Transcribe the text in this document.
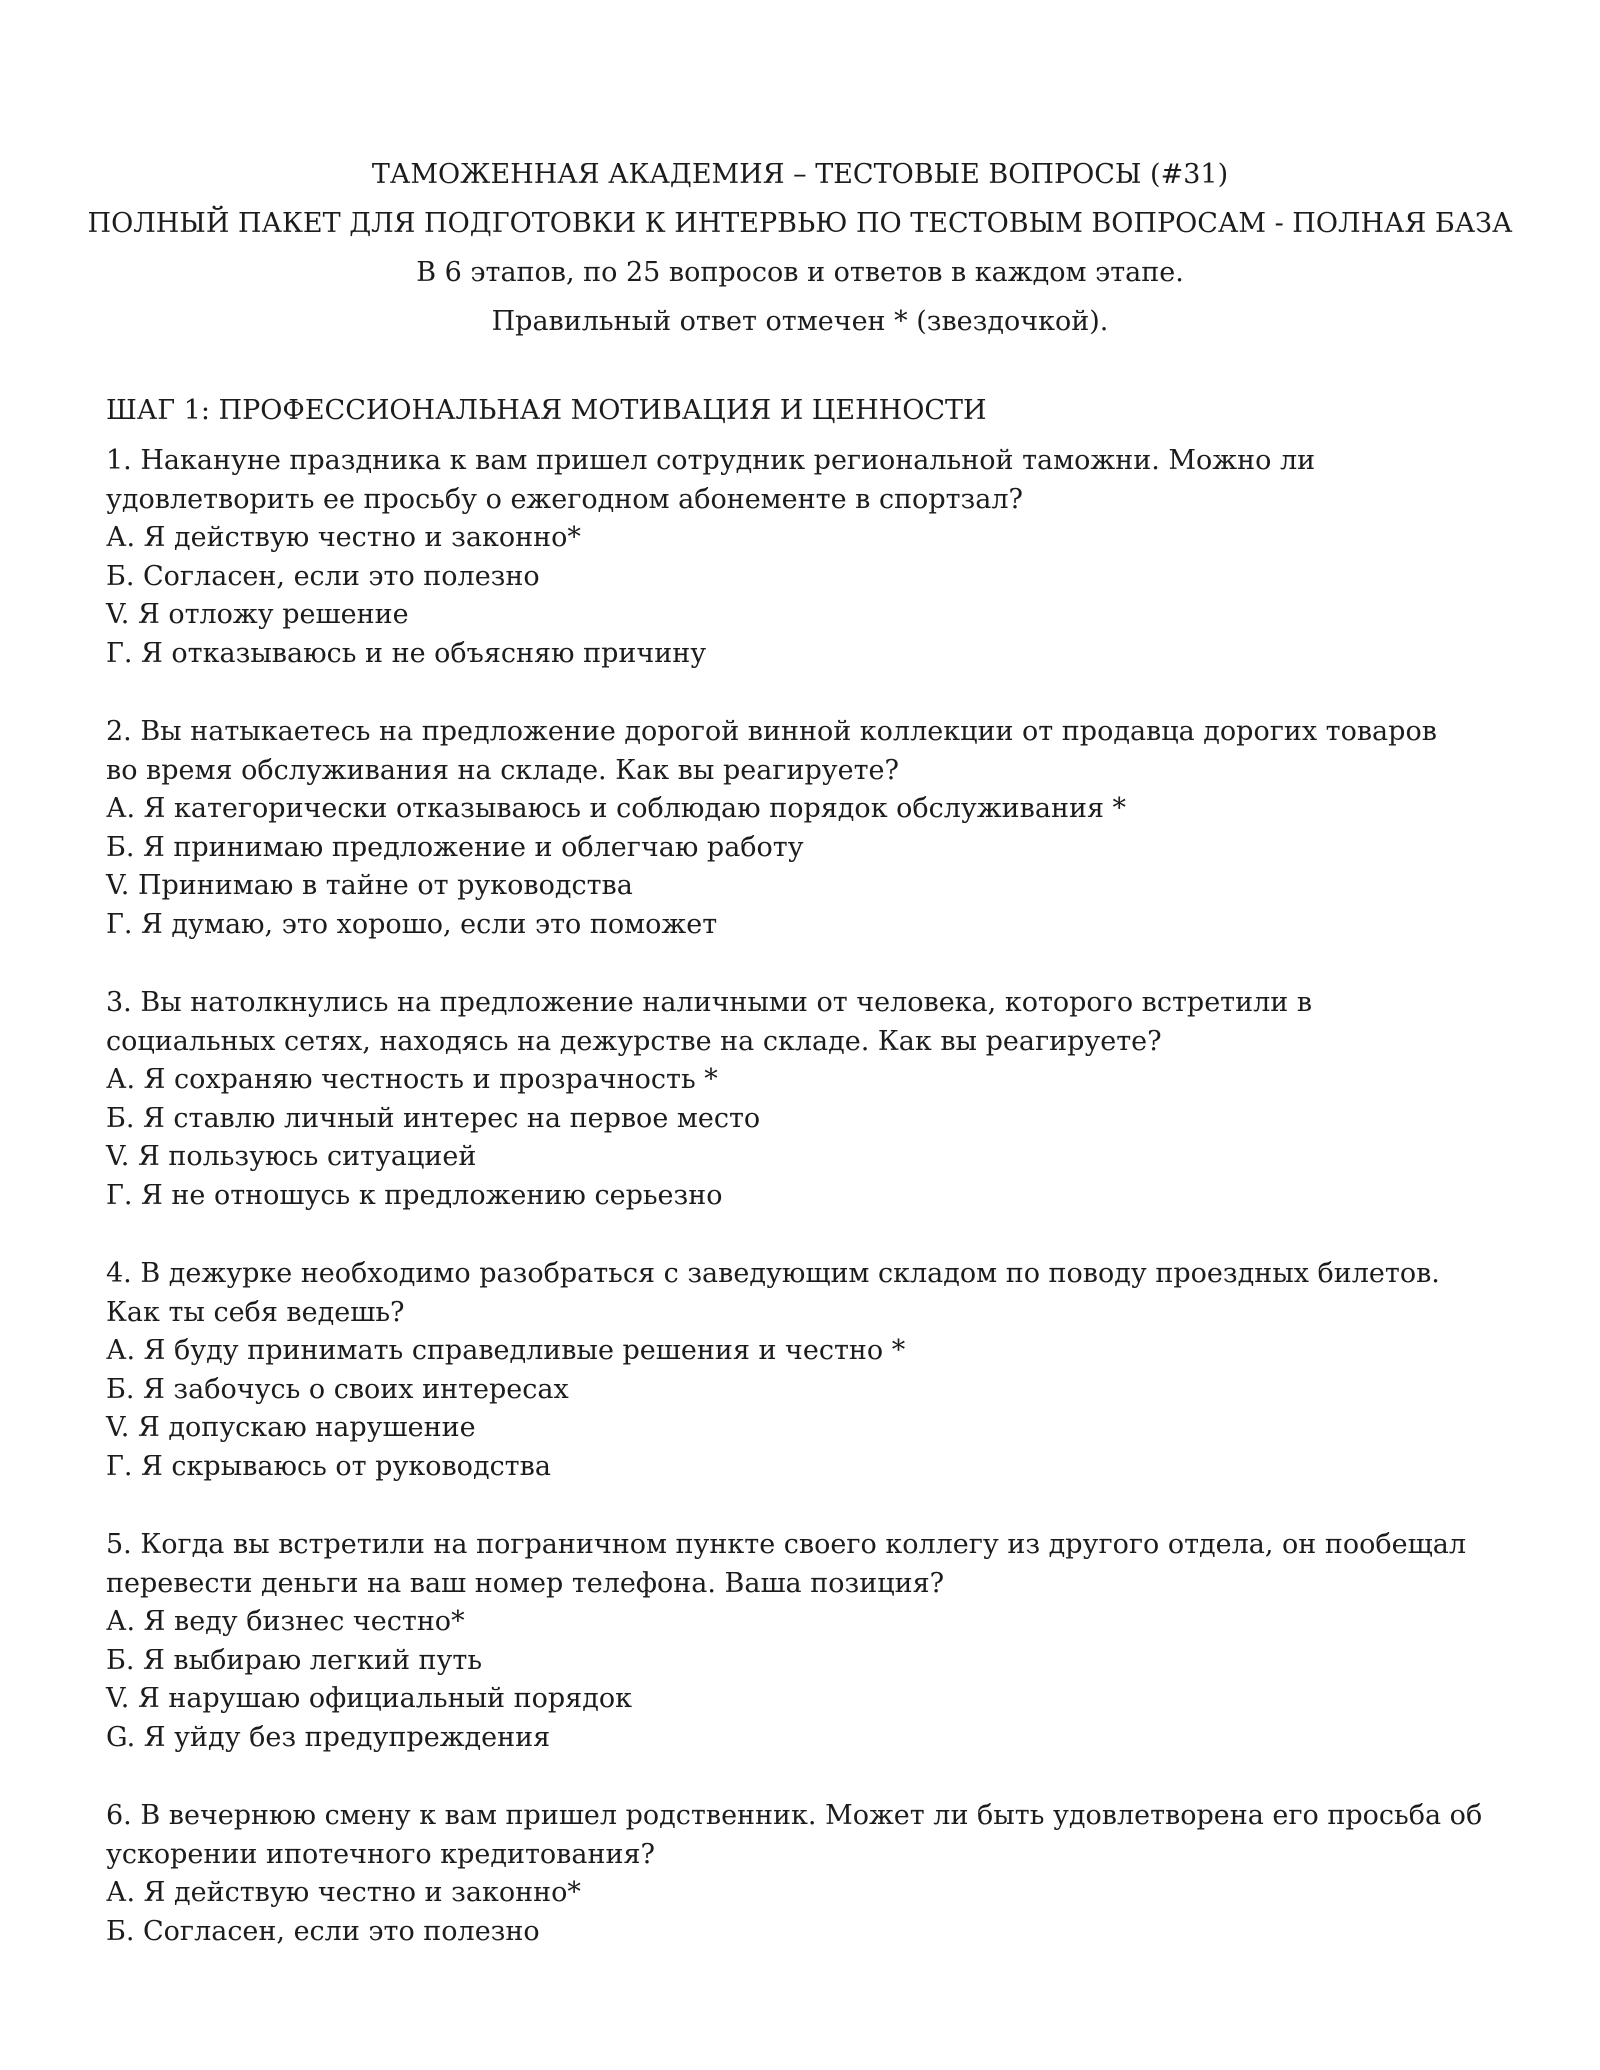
ТАМОЖЕННАЯ АКАДЕМИЯ – ТЕСТОВЫЕ ВОПРОСЫ (#31)
ПОЛНЫЙ ПАКЕТ ДЛЯ ПОДГОТОВКИ К ИНТЕРВЬЮ ПО ТЕСТОВЫМ ВОПРОСАМ - ПОЛНАЯ БАЗА
В 6 этапов, по 25 вопросов и ответов в каждом этапе.
Правильный ответ отмечен * (звездочкой).
ШАГ 1: ПРОФЕССИОНАЛЬНАЯ МОТИВАЦИЯ И ЦЕННОСТИ

1. Накануне праздника к вам пришел сотрудник региональной таможни. Можно ли
удовлетворить ее просьбу о ежегодном абонементе в спортзал?

А. Я действую честно и законно*
Б. Согласен, если это полезно
V. Я отложу решение
Г. Я отказываюсь и не объясняю причину

2. Вы натыкаетесь на предложение дорогой винной коллекции от продавца дорогих товаров
во время обслуживания на складе. Как вы реагируете?

А. Я категорически отказываюсь и соблюдаю порядок обслуживания *
Б. Я принимаю предложение и облегчаю работу
V. Принимаю в тайне от руководства
Г. Я думаю, это хорошо, если это поможет

3. Вы натолкнулись на предложение наличными от человека, которого встретили в
социальных сетях, находясь на дежурстве на складе. Как вы реагируете?

А. Я сохраняю честность и прозрачность *
Б. Я ставлю личный интерес на первое место
V. Я пользуюсь ситуацией
Г. Я не отношусь к предложению серьезно

4. В дежурке необходимо разобраться с заведующим складом по поводу проездных билетов.
Как ты себя ведешь?

А. Я буду принимать справедливые решения и честно *
Б. Я забочусь о своих интересах
V. Я допускаю нарушение
Г. Я скрываюсь от руководства

5. Когда вы встретили на пограничном пункте своего коллегу из другого отдела, он пообещал
перевести деньги на ваш номер телефона. Ваша позиция?

А. Я веду бизнес честно*
Б. Я выбираю легкий путь
V. Я нарушаю официальный порядок
G. Я уйду без предупреждения

6. В вечернюю смену к вам пришел родственник. Может ли быть удовлетворена его просьба об
ускорении ипотечного кредитования?

А. Я действую честно и законно*
Б. Согласен, если это полезно
